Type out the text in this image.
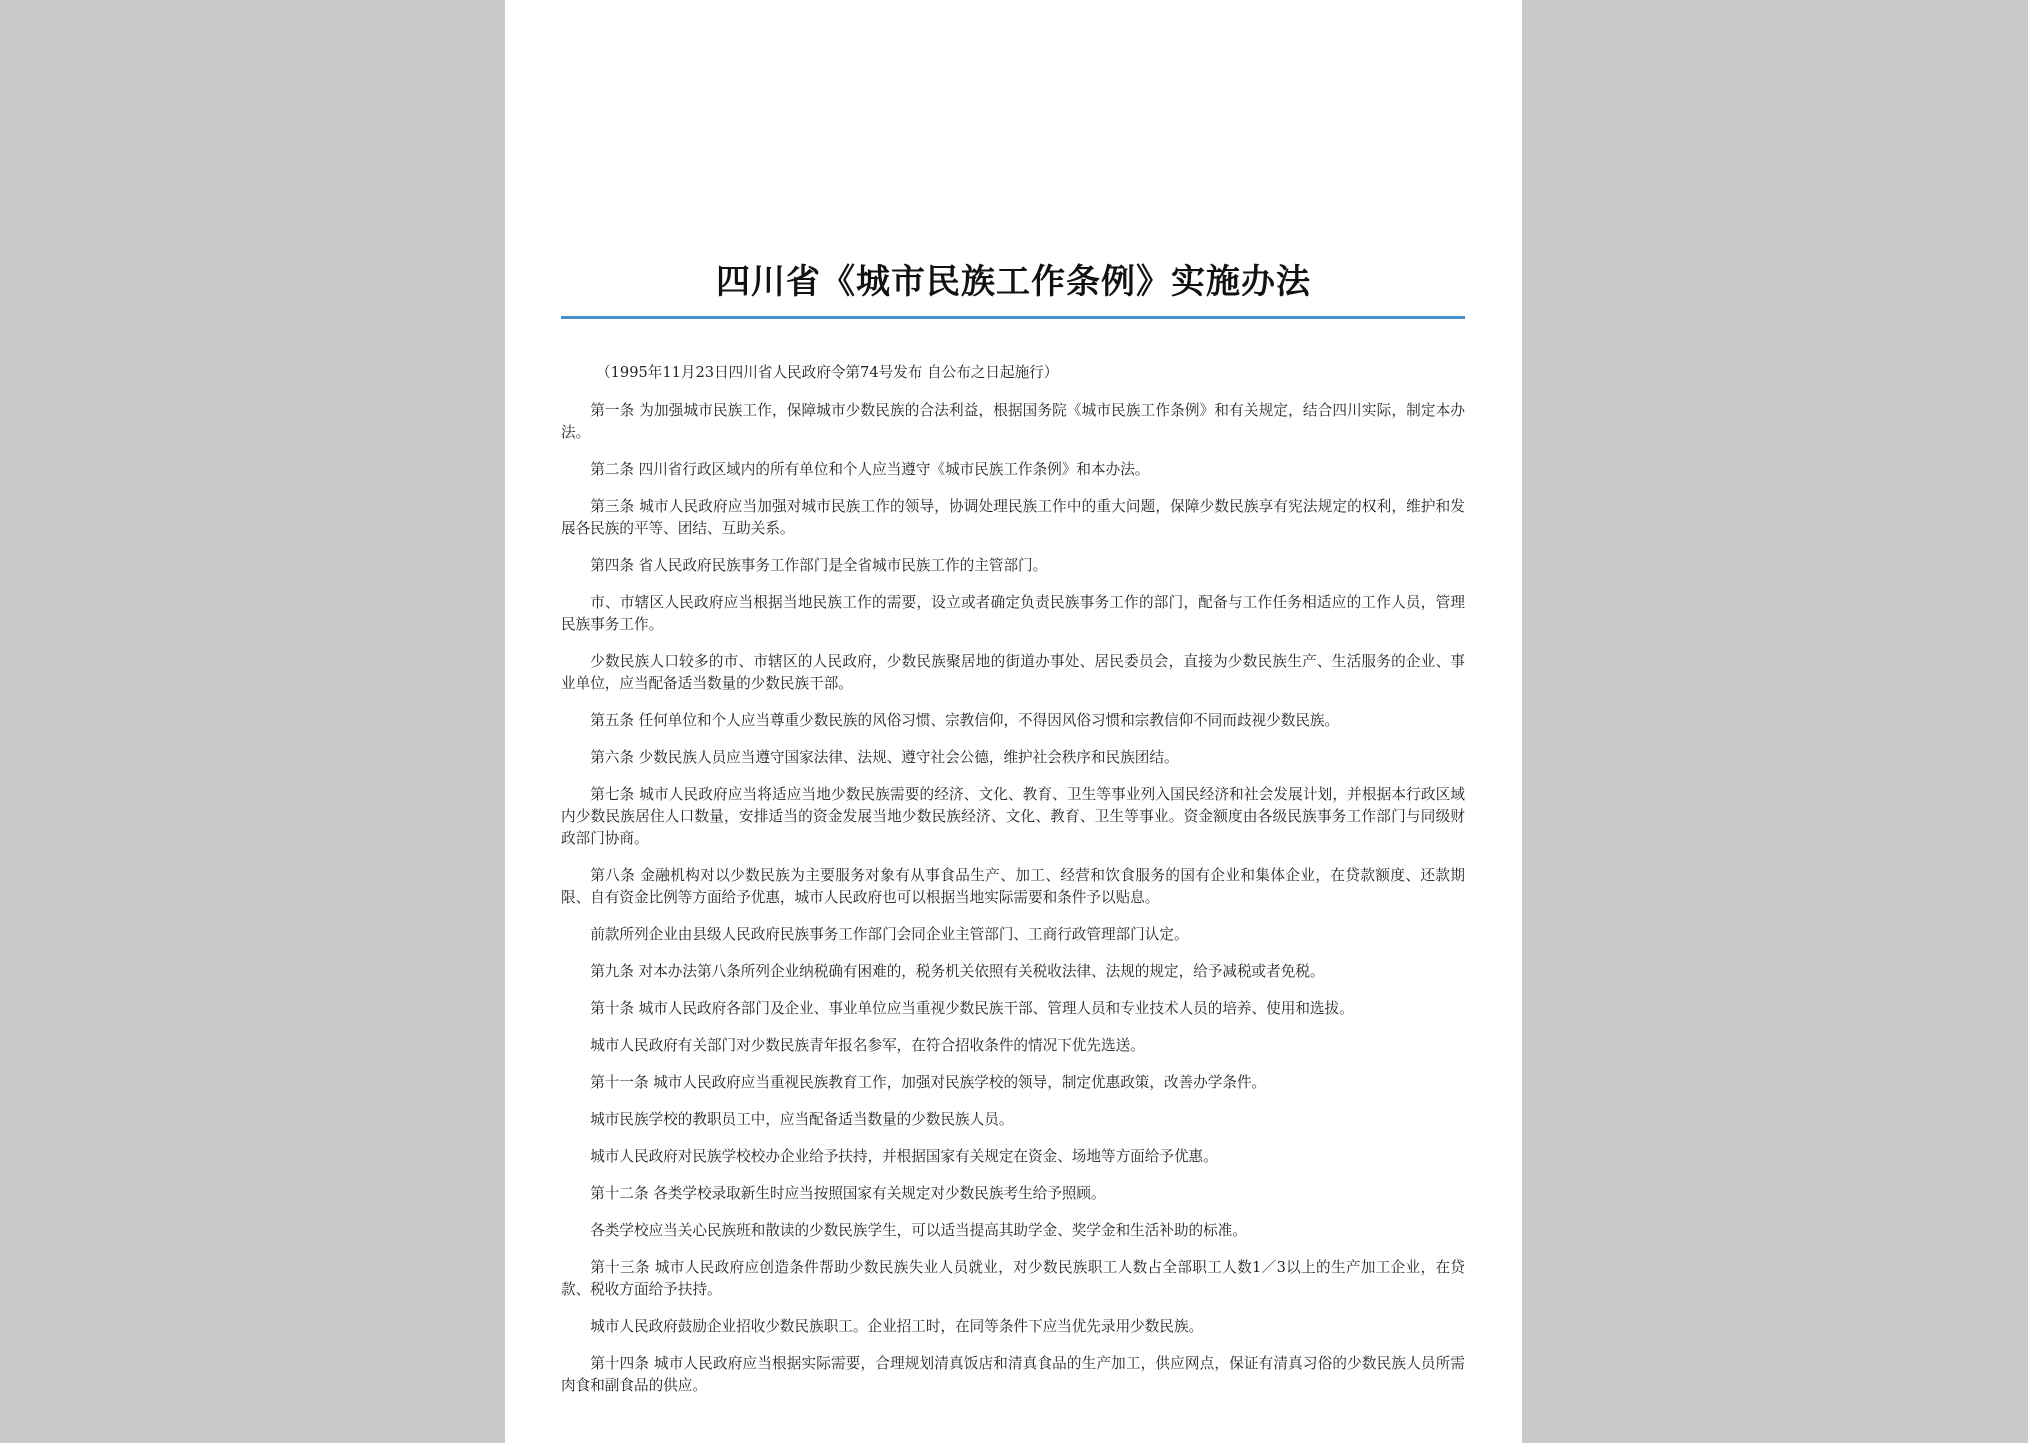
四川省《城市民族工作条例》实施办法

（1995年11月23日四川省人民政府令第74号发布 自公布之日起施行）

第一条 为加强城市民族工作，保障城市少数民族的合法利益，根据国务院《城市民族工作条例》和有关规定，结合四川实际，制定本办法。

第二条 四川省行政区域内的所有单位和个人应当遵守《城市民族工作条例》和本办法。

第三条 城市人民政府应当加强对城市民族工作的领导，协调处理民族工作中的重大问题，保障少数民族享有宪法规定的权利，维护和发展各民族的平等、团结、互助关系。

第四条 省人民政府民族事务工作部门是全省城市民族工作的主管部门。

市、市辖区人民政府应当根据当地民族工作的需要，设立或者确定负责民族事务工作的部门，配备与工作任务相适应的工作人员，管理民族事务工作。

少数民族人口较多的市、市辖区的人民政府，少数民族聚居地的街道办事处、居民委员会，直接为少数民族生产、生活服务的企业、事业单位，应当配备适当数量的少数民族干部。

第五条 任何单位和个人应当尊重少数民族的风俗习惯、宗教信仰，不得因风俗习惯和宗教信仰不同而歧视少数民族。

第六条 少数民族人员应当遵守国家法律、法规、遵守社会公德，维护社会秩序和民族团结。

第七条 城市人民政府应当将适应当地少数民族需要的经济、文化、教育、卫生等事业列入国民经济和社会发展计划，并根据本行政区域内少数民族居住人口数量，安排适当的资金发展当地少数民族经济、文化、教育、卫生等事业。资金额度由各级民族事务工作部门与同级财政部门协商。

第八条 金融机构对以少数民族为主要服务对象有从事食品生产、加工、经营和饮食服务的国有企业和集体企业，在贷款额度、还款期限、自有资金比例等方面给予优惠，城市人民政府也可以根据当地实际需要和条件予以贴息。

前款所列企业由县级人民政府民族事务工作部门会同企业主管部门、工商行政管理部门认定。

第九条 对本办法第八条所列企业纳税确有困难的，税务机关依照有关税收法律、法规的规定，给予减税或者免税。

第十条 城市人民政府各部门及企业、事业单位应当重视少数民族干部、管理人员和专业技术人员的培养、使用和选拔。

城市人民政府有关部门对少数民族青年报名参军，在符合招收条件的情况下优先选送。

第十一条 城市人民政府应当重视民族教育工作，加强对民族学校的领导，制定优惠政策，改善办学条件。

城市民族学校的教职员工中，应当配备适当数量的少数民族人员。

城市人民政府对民族学校校办企业给予扶持，并根据国家有关规定在资金、场地等方面给予优惠。

第十二条 各类学校录取新生时应当按照国家有关规定对少数民族考生给予照顾。

各类学校应当关心民族班和散读的少数民族学生，可以适当提高其助学金、奖学金和生活补助的标准。

第十三条 城市人民政府应创造条件帮助少数民族失业人员就业，对少数民族职工人数占全部职工人数1／3以上的生产加工企业，在贷款、税收方面给予扶持。

城市人民政府鼓励企业招收少数民族职工。企业招工时，在同等条件下应当优先录用少数民族。

第十四条 城市人民政府应当根据实际需要，合理规划清真饭店和清真食品的生产加工，供应网点，保证有清真习俗的少数民族人员所需肉食和副食品的供应。
